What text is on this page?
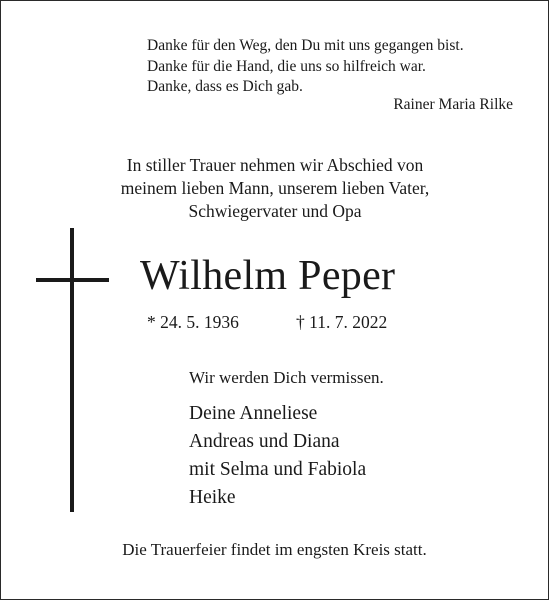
Danke für den Weg, den Du mit uns gegangen bist.
Danke für die Hand, die uns so hilfreich war.
Danke, dass es Dich gab.
Rainer Maria Rilke
In stiller Trauer nehmen wir Abschied von
meinem lieben Mann, unserem lieben Vater,
Schwiegervater und Opa
Wilhelm Peper
* 24. 5. 1936	† 11. 7. 2022
Wir werden Dich vermissen.
Deine Anneliese
Andreas und Diana
mit Selma und Fabiola
Heike
Die Trauerfeier findet im engsten Kreis statt.
